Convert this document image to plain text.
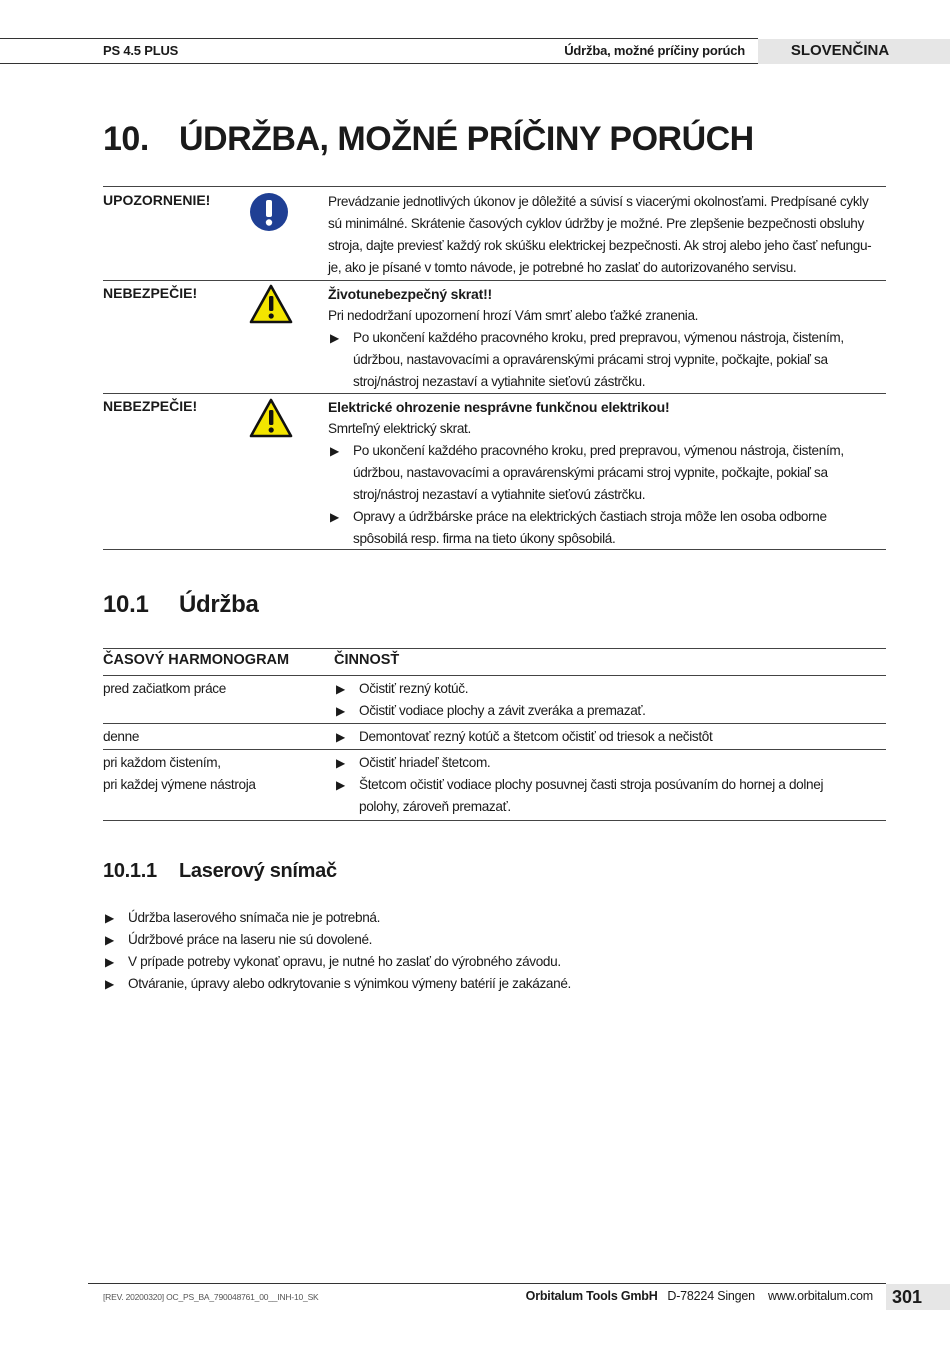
PS 4.5 PLUS	Údržba, možné príčiny porúch	SLOVENČINA
10. ÚDRŽBA, MOŽNÉ PRÍČINY PORÚCH
UPOZORNENIE!	Prevádzanie jednotlivých úkonov je dôležité a súvisí s viacerými okolnosťami. Predpísané cykly
sú minimálné. Skrátenie časových cyklov údržby je možné. Pre zlepšenie bezpečnosti obsluhy
stroja, dajte previesť každý rok skúšku elektrickej bezpečnosti. Ak stroj alebo jeho časť nefungu-
je, ako je písané v tomto návode, je potrebné ho zaslať do autorizovaného servisu.
NEBEZPEČIE!	Životunebezpečný skrat!!
Pri nedodržaní upozornení hrozí Vám smrť alebo ťažké zranenia.
▶ Po ukončení každého pracovného kroku, pred prepravou, výmenou nástroja, čistením,
údržbou, nastavovacími a opravárenskými prácami stroj vypnite, počkajte, pokiaľ sa
stroj/nástroj nezastaví a vytiahnite sieťovú zástrčku.
NEBEZPEČIE!	Elektrické ohrozenie nesprávne funkčnou elektrikou!
Smrteľný elektrický skrat.
▶ Po ukončení každého pracovného kroku, pred prepravou, výmenou nástroja, čistením,
údržbou, nastavovacími a opravárenskými prácami stroj vypnite, počkajte, pokiaľ sa
stroj/nástroj nezastaví a vytiahnite sieťovú zástrčku.
▶ Opravy a údržbárske práce na elektrických častiach stroja môže len osoba odborne
spôsobilá resp. firma na tieto úkony spôsobilá.
10.1 Údržba
ČASOVÝ HARMONOGRAM	ČINNOSŤ
pred začiatkom práce	▶ Očistiť rezný kotúč.
▶ Očistiť vodiace plochy a závit zveráka a premazať.
denne	▶ Demontovať rezný kotúč a štetcom očistiť od triesok a nečistôt
pri každom čistením,
pri každej výmene nástroja
▶ Očistiť hriadeľ štetcom.
▶ Štetcom očistiť vodiace plochy posuvnej časti stroja posúvaním do hornej a dolnej
polohy, zároveň premazať.
10.1.1 Laserový snímač
▶ Údržba laserového snímača nie je potrebná.
▶ Údržbové práce na laseru nie sú dovolené.
▶ V prípade potreby vykonať opravu, je nutné ho zaslať do výrobného závodu.
▶ Otváranie, úpravy alebo odkrytovanie s výnimkou výmeny batérií je zakázané.
[REV. 20200320] OC_PS_BA_790048761_00__INH-10_SK	Orbitalum Tools GmbH D-78224 Singen www.orbitalum.com	301
